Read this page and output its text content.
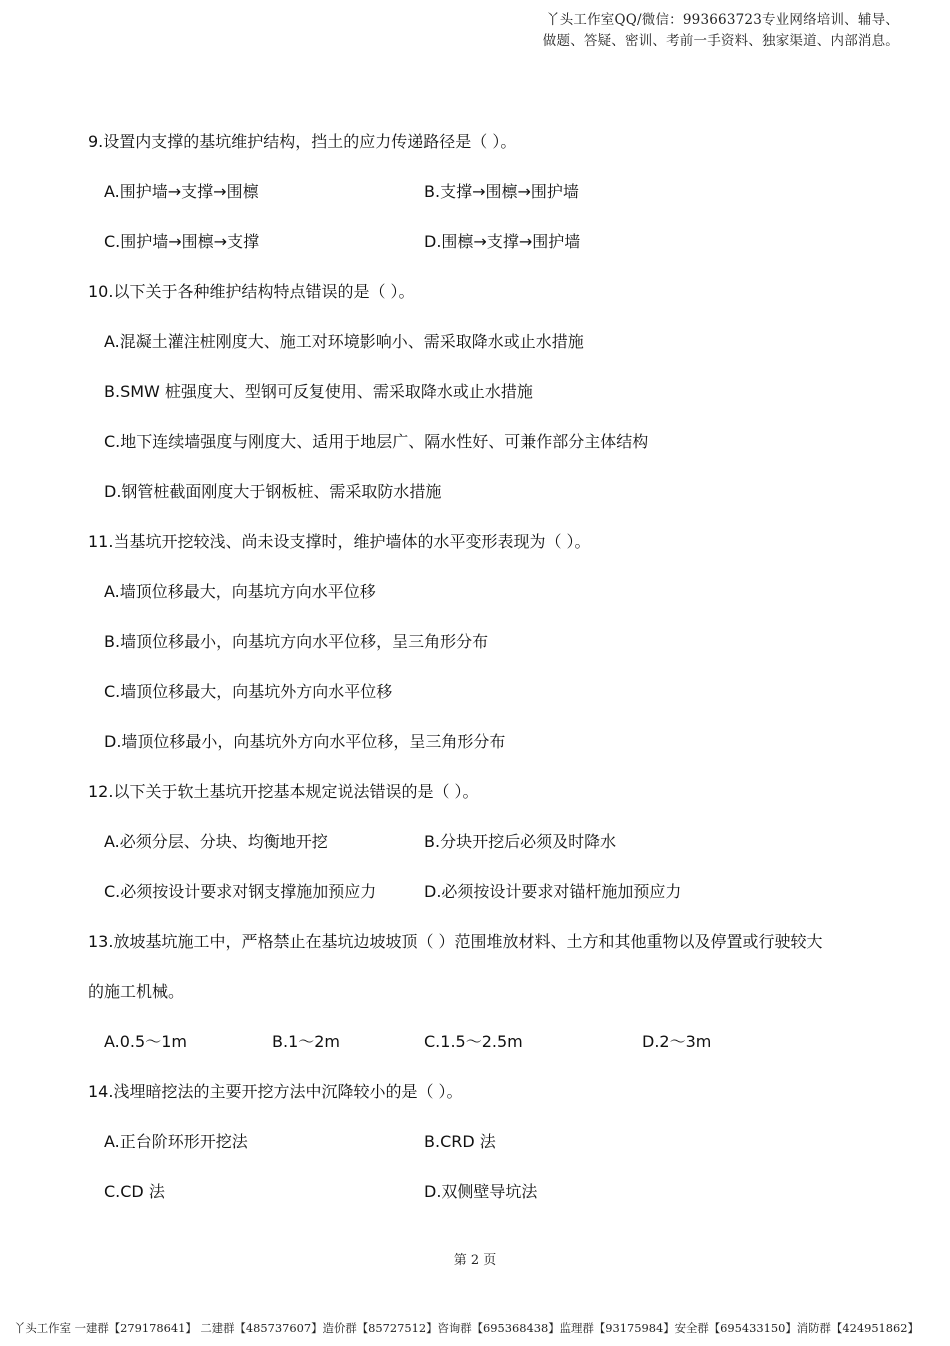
丫头工作室QQ/微信：993663723专业网络培训、辅导、
做题、答疑、密训、考前一手资料、独家渠道、内部消息。
9.设置内支撑的基坑维护结构，挡土的应力传递路径是（ ）。
A.围护墙→支撑→围檩	B.支撑→围檩→围护墙
C.围护墙→围檩→支撑	D.围檩→支撑→围护墙
10.以下关于各种维护结构特点错误的是（ ）。
A.混凝土灌注桩刚度大、施工对环境影响小、需采取降水或止水措施
B.SMW 桩强度大、型钢可反复使用、需采取降水或止水措施
C.地下连续墙强度与刚度大、适用于地层广、隔水性好、可兼作部分主体结构
D.钢管桩截面刚度大于钢板桩、需采取防水措施
11.当基坑开挖较浅、尚未设支撑时，维护墙体的水平变形表现为（ ）。
A.墙顶位移最大，向基坑方向水平位移
B.墙顶位移最小，向基坑方向水平位移，呈三角形分布
C.墙顶位移最大，向基坑外方向水平位移
D.墙顶位移最小，向基坑外方向水平位移，呈三角形分布
12.以下关于软土基坑开挖基本规定说法错误的是（ ）。
A.必须分层、分块、均衡地开挖	B.分块开挖后必须及时降水
C.必须按设计要求对钢支撑施加预应力	D.必须按设计要求对锚杆施加预应力
13.放坡基坑施工中，严格禁止在基坑边坡坡顶（ ）范围堆放材料、土方和其他重物以及停置或行驶较大
的施工机械。
A.0.5～1m	B.1～2m	C.1.5～2.5m	D.2～3m
14.浅埋暗挖法的主要开挖方法中沉降较小的是（ ）。
A.正台阶环形开挖法	B.CRD 法
C.CD 法	D.双侧壁导坑法
第 2 页
丫头工作室 一建群【279178641】 二建群【485737607】造价群【85727512】咨询群【695368438】监理群【93175984】安全群【695433150】消防群【424951862】
